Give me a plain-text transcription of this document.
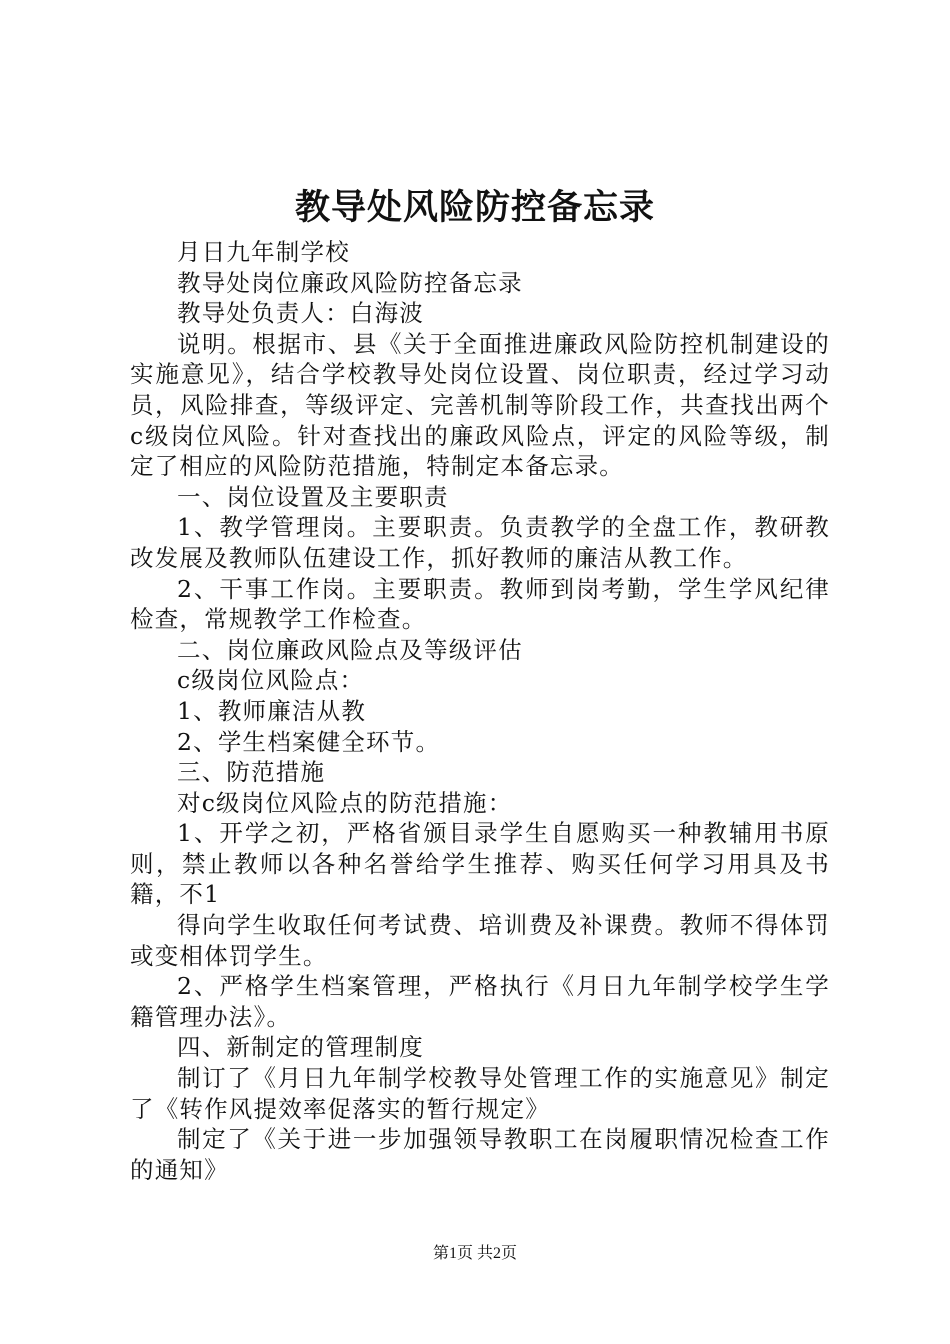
教导处风险防控备忘录

月日九年制学校

教导处岗位廉政风险防控备忘录

教导处负责人：白海波

说明。根据市、县《关于全面推进廉政风险防控机制建设的实施意见》，结合学校教导处岗位设置、岗位职责，经过学习动员，风险排查，等级评定、完善机制等阶段工作，共查找出两个c级岗位风险。针对查找出的廉政风险点，评定的风险等级，制定了相应的风险防范措施，特制定本备忘录。

一、岗位设置及主要职责

1、教学管理岗。主要职责。负责教学的全盘工作，教研教改发展及教师队伍建设工作，抓好教师的廉洁从教工作。

2、干事工作岗。主要职责。教师到岗考勤，学生学风纪律检查，常规教学工作检查。

二、岗位廉政风险点及等级评估

c级岗位风险点：

1、教师廉洁从教

2、学生档案健全环节。

三、防范措施

对c级岗位风险点的防范措施：

1、开学之初，严格省颁目录学生自愿购买一种教辅用书原则，禁止教师以各种名誉给学生推荐、购买任何学习用具及书籍，不1

得向学生收取任何考试费、培训费及补课费。教师不得体罚或变相体罚学生。

2、严格学生档案管理，严格执行《月日九年制学校学生学籍管理办法》。

四、新制定的管理制度

制订了《月日九年制学校教导处管理工作的实施意见》制定了《转作风提效率促落实的暂行规定》

制定了《关于进一步加强领导教职工在岗履职情况检查工作的通知》

第1页 共2页
